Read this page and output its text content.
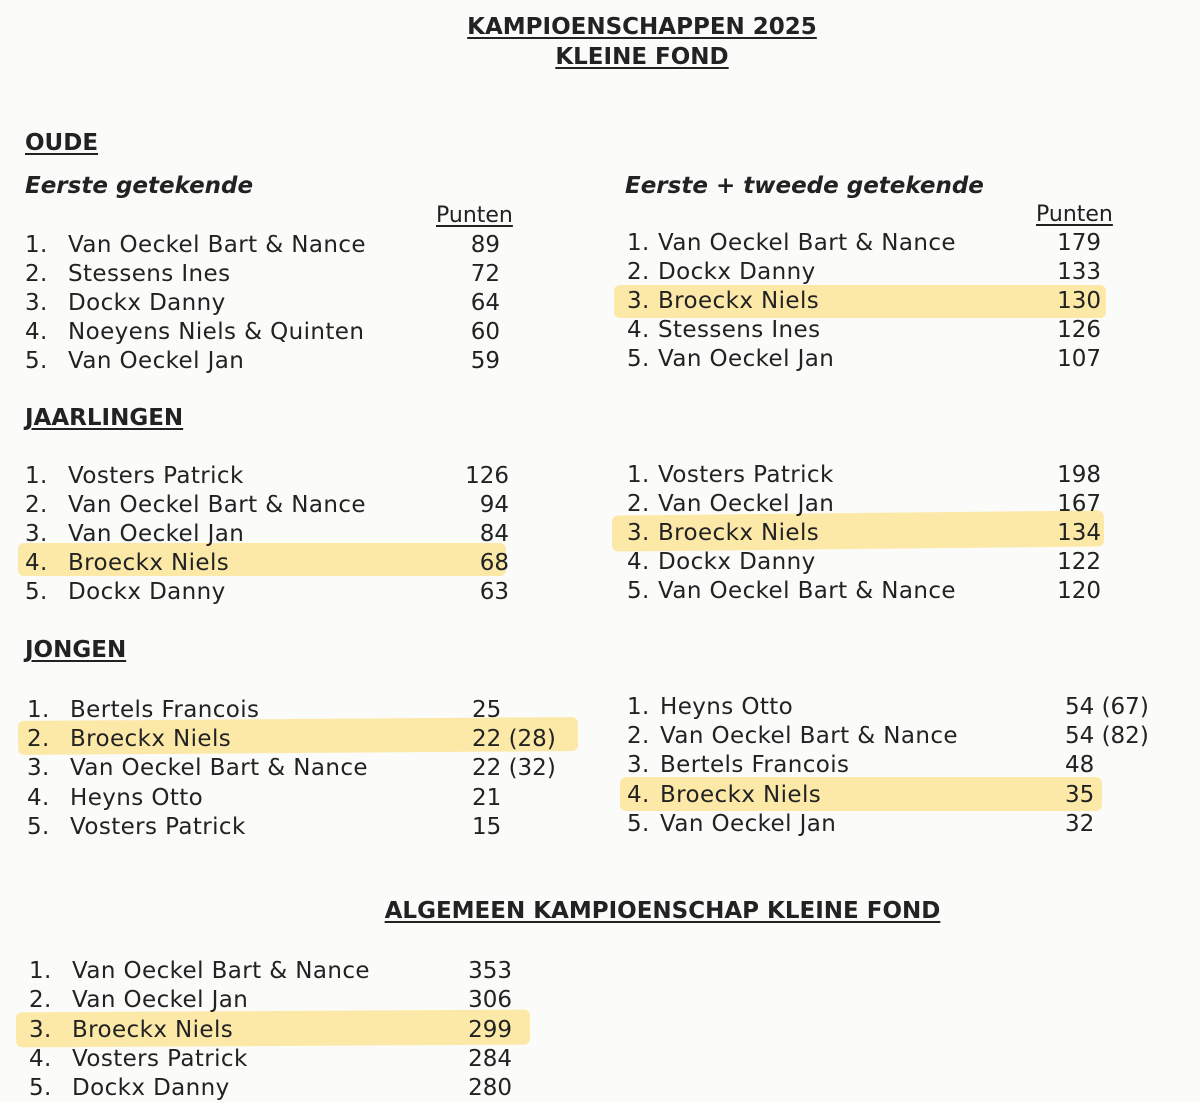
KAMPIOENSCHAPPEN 2025
KLEINE FOND
OUDE
Eerste getekende	Eerste + tweede getekende
Punten	Punten
JAARLINGEN
JONGEN
ALGEMEEN KAMPIOENSCHAP KLEINE FOND
1. Van Oeckel Bart & Nance	89
2. Stessens Ines	72
3. Dockx Danny	64
4. Noeyens Niels & Quinten	60
5. Van Oeckel Jan	59
1. Van Oeckel Bart & Nance	179
2. Dockx Danny	133
3. Broeckx Niels	130
4. Stessens Ines	126
5. Van Oeckel Jan	107
1. Vosters Patrick	126
2. Van Oeckel Bart & Nance	94
3. Van Oeckel Jan	84
4. Broeckx Niels	68
5. Dockx Danny	63
1. Vosters Patrick	198
2. Van Oeckel Jan	167
3. Broeckx Niels	134
4. Dockx Danny	122
5. Van Oeckel Bart & Nance	120
1. Bertels Francois	25
2. Broeckx Niels	22 (28)
3. Van Oeckel Bart & Nance	22 (32)
4. Heyns Otto	21
5. Vosters Patrick	15
1. Heyns Otto	54 (67)
2. Van Oeckel Bart & Nance	54 (82)
3. Bertels Francois	48
4. Broeckx Niels	35
5. Van Oeckel Jan	32
1. Van Oeckel Bart & Nance	353
2. Van Oeckel Jan	306
3. Broeckx Niels	299
4. Vosters Patrick	284
5. Dockx Danny	280
